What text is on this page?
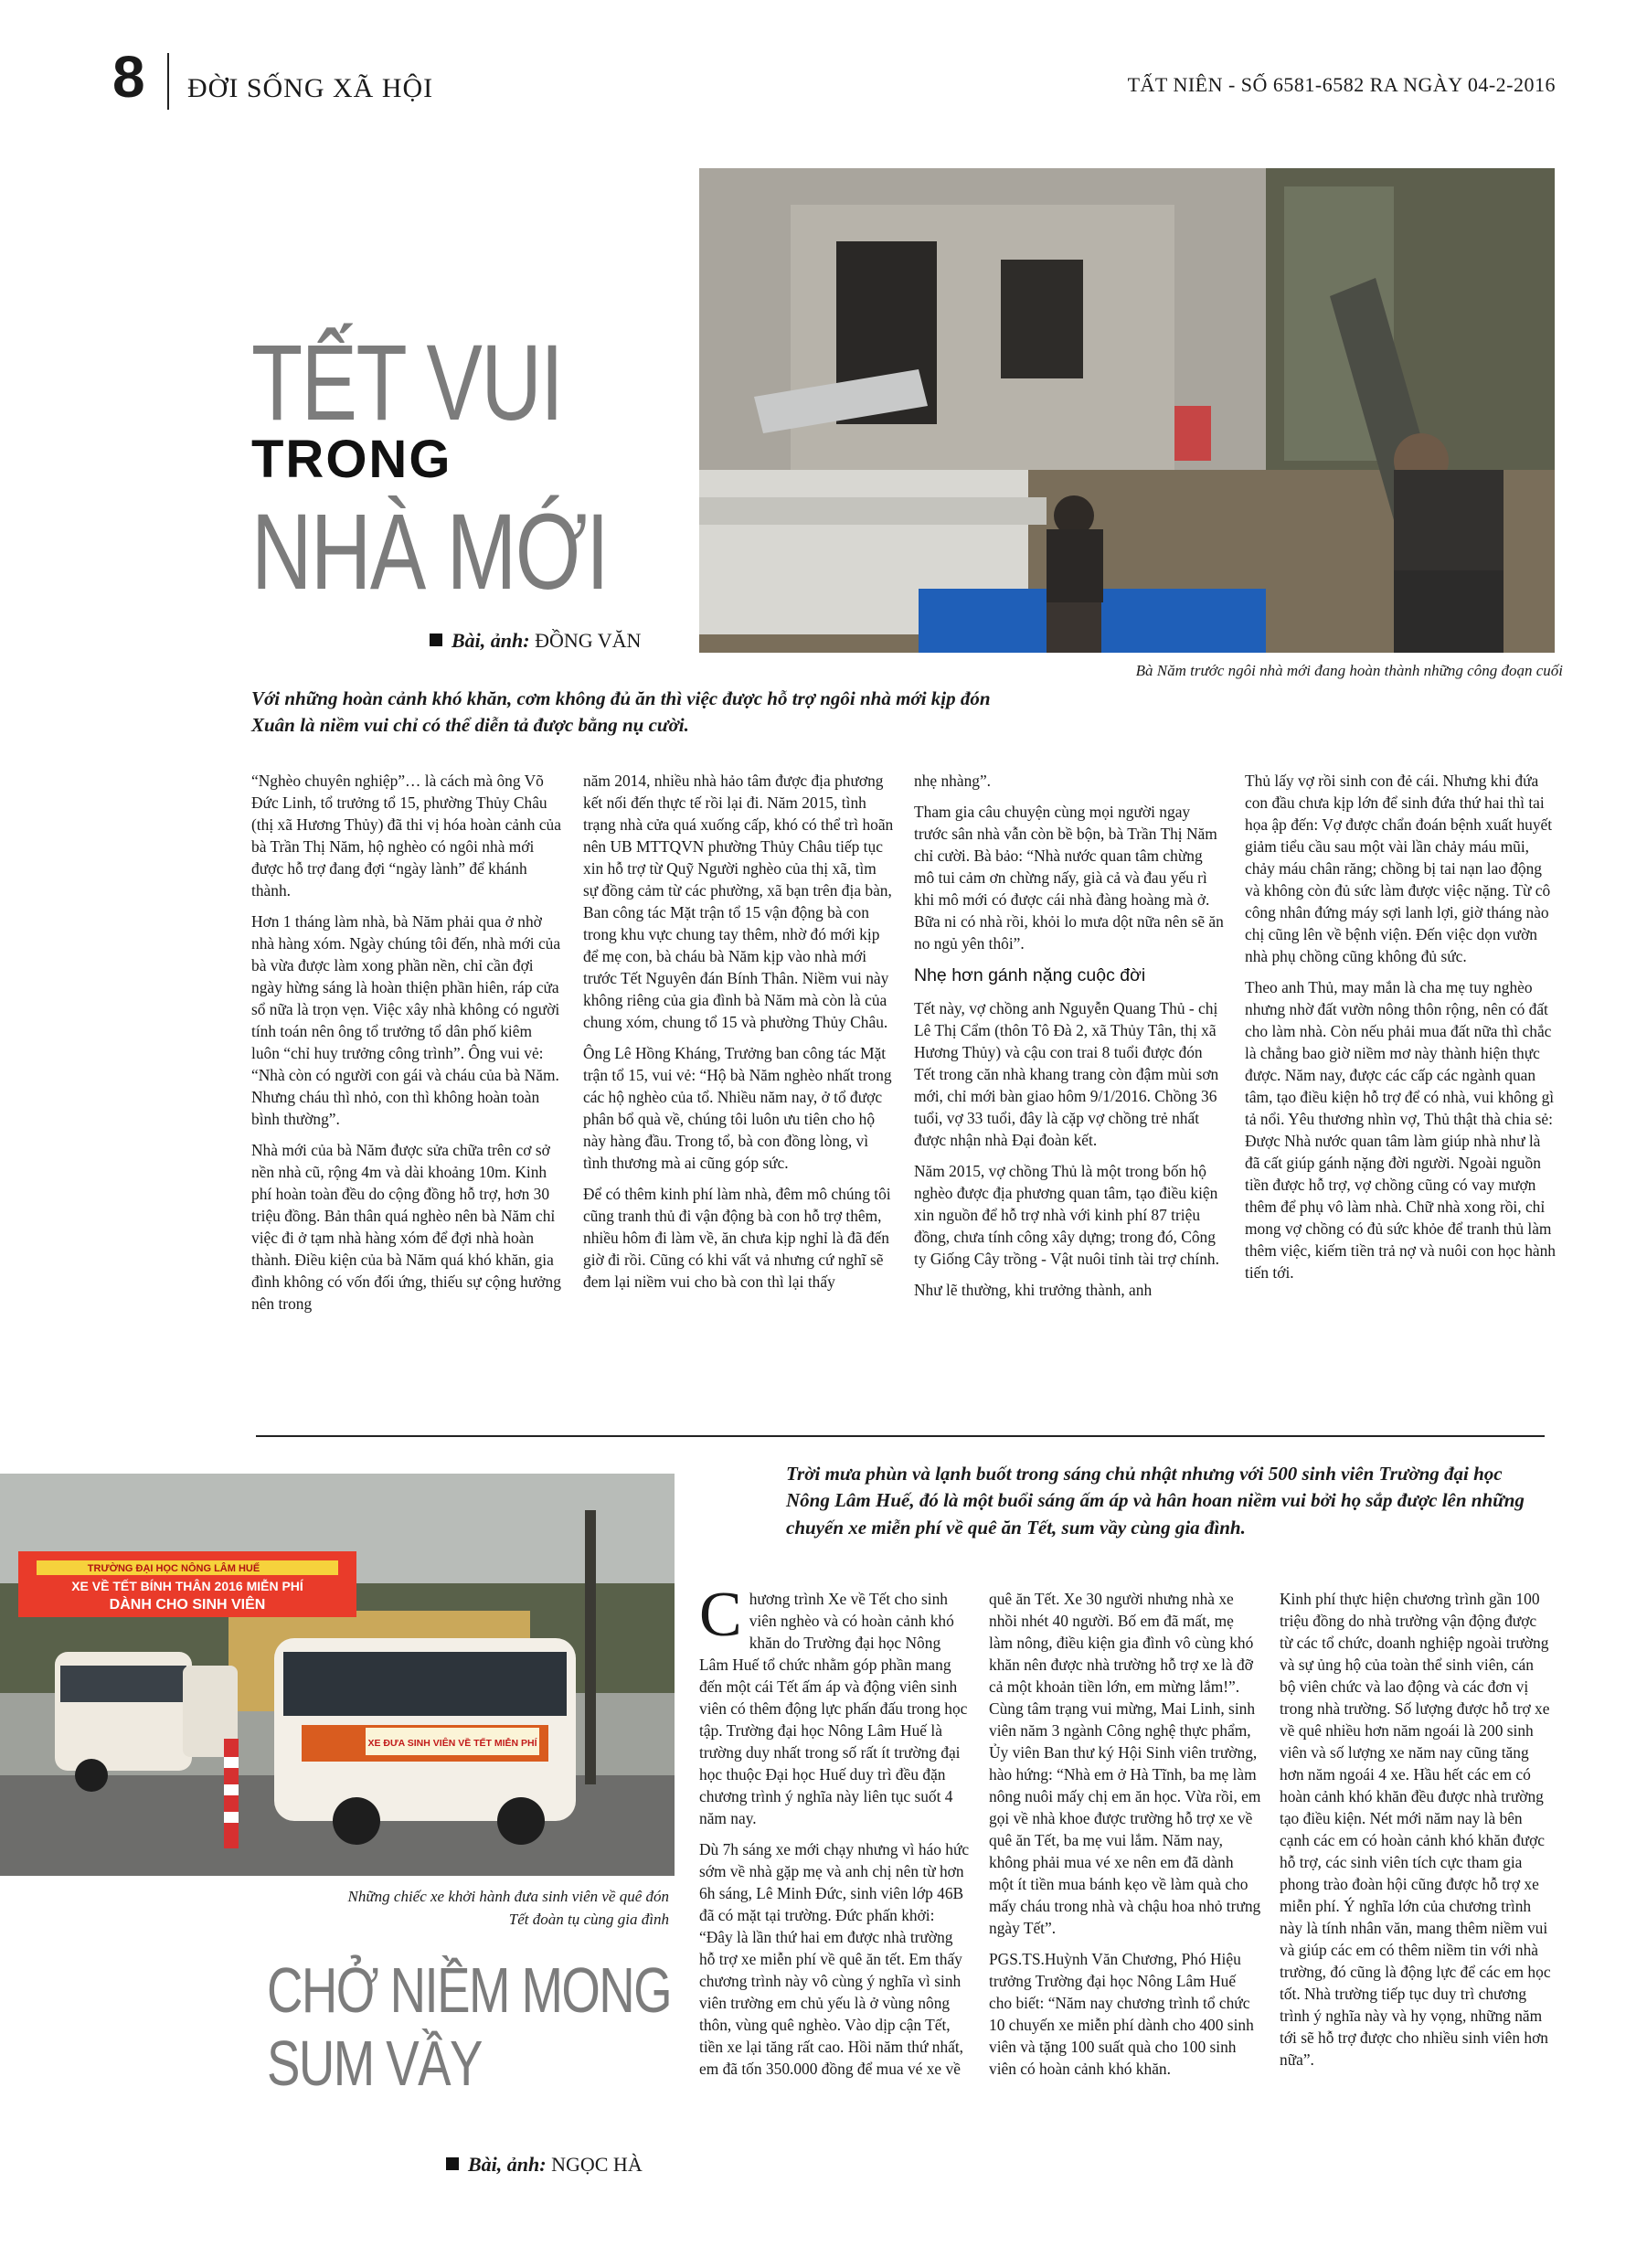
8 ĐỜI SỐNG XÃ HỘI	TẤT NIÊN - SỐ 6581-6582 RA NGÀY 04-2-2016
Bà Năm trước ngôi nhà mới đang hoàn thành những công đoạn cuối
TẾT VUI
TRONG
NHÀ MỚI
Bài, ảnh: ĐỒNG VĂN
Với những hoàn cảnh khó khăn, cơm không đủ ăn thì việc được hỗ trợ ngôi nhà mới kịp đón Xuân là niềm vui chỉ có thể diễn tả được bằng nụ cười.

“Nghèo chuyên nghiệp”… là cách mà ông Võ Đức Linh, tổ trưởng tổ 15, phường Thủy Châu (thị xã Hương Thủy) đã thi vị hóa hoàn cảnh của bà Trần Thị Năm, hộ nghèo có ngôi nhà mới được hỗ trợ đang đợi “ngày lành” để khánh thành.

Hơn 1 tháng làm nhà, bà Năm phải qua ở nhờ nhà hàng xóm. Ngày chúng tôi đến, nhà mới của bà vừa được làm xong phần nền, chỉ cần đợi ngày hừng sáng là hoàn thiện phần hiên, ráp cửa sổ nữa là trọn vẹn. Việc xây nhà không có người tính toán nên ông tổ trưởng tổ dân phố kiêm luôn “chỉ huy trưởng công trình”. Ông vui vẻ: “Nhà còn có người con gái và cháu của bà Năm. Nhưng cháu thì nhỏ, con thì không hoàn toàn bình thường”.

Nhà mới của bà Năm được sửa chữa trên cơ sở nền nhà cũ, rộng 4m và dài khoảng 10m. Kinh phí hoàn toàn đều do cộng đồng hỗ trợ, hơn 30 triệu đồng. Bản thân quá nghèo nên bà Năm chỉ việc đi ở tạm nhà hàng xóm để đợi nhà hoàn thành. Điều kiện của bà Năm quá khó khăn, gia đình không có vốn đối ứng, thiếu sự cộng hưởng nên trong

năm 2014, nhiều nhà hảo tâm được địa phương kết nối đến thực tế rồi lại đi. Năm 2015, tình trạng nhà cửa quá xuống cấp, khó có thể trì hoãn nên UB MTTQVN phường Thủy Châu tiếp tục xin hỗ trợ từ Quỹ Người nghèo của thị xã, tìm sự đồng cảm từ các phường, xã bạn trên địa bàn, Ban công tác Mặt trận tổ 15 vận động bà con trong khu vực chung tay thêm, nhờ đó mới kịp để mẹ con, bà cháu bà Năm kịp vào nhà mới trước Tết Nguyên đán Bính Thân. Niềm vui này không riêng của gia đình bà Năm mà còn là của chung xóm, chung tổ 15 và phường Thủy Châu.

Ông Lê Hồng Kháng, Trưởng ban công tác Mặt trận tổ 15, vui vẻ: “Hộ bà Năm nghèo nhất trong các hộ nghèo của tổ. Nhiều năm nay, ở tổ được phân bổ quà về, chúng tôi luôn ưu tiên cho hộ này hàng đầu. Trong tổ, bà con đồng lòng, vì tình thương mà ai cũng góp sức.

Để có thêm kinh phí làm nhà, đêm mô chúng tôi cũng tranh thủ đi vận động bà con hỗ trợ thêm, nhiều hôm đi làm về, ăn chưa kịp nghỉ là đã đến giờ đi rồi. Cũng có khi vất vả nhưng cứ nghĩ sẽ đem lại niềm vui cho bà con thì lại thấy

nhẹ nhàng”.

Tham gia câu chuyện cùng mọi người ngay trước sân nhà vẫn còn bề bộn, bà Trần Thị Năm chỉ cười. Bà bảo: “Nhà nước quan tâm chừng mô tui cảm ơn chừng nấy, già cả và đau yếu rì khi mô mới có được cái nhà đàng hoàng mà ở. Bữa ni có nhà rồi, khỏi lo mưa dột nữa nên sẽ ăn no ngủ yên thôi”.

Nhẹ hơn gánh nặng cuộc đời

Tết này, vợ chồng anh Nguyễn Quang Thủ - chị Lê Thị Cẩm (thôn Tô Đà 2, xã Thủy Tân, thị xã Hương Thủy) và cậu con trai 8 tuổi được đón Tết trong căn nhà khang trang còn đậm mùi sơn mới, chỉ mới bàn giao hôm 9/1/2016. Chồng 36 tuổi, vợ 33 tuổi, đây là cặp vợ chồng trẻ nhất được nhận nhà Đại đoàn kết.

Năm 2015, vợ chồng Thủ là một trong bốn hộ nghèo được địa phương quan tâm, tạo điều kiện xin nguồn để hỗ trợ nhà với kinh phí 87 triệu đồng, chưa tính công xây dựng; trong đó, Công ty Giống Cây trồng - Vật nuôi tỉnh tài trợ chính.

Như lẽ thường, khi trưởng thành, anh

Thủ lấy vợ rồi sinh con đẻ cái. Nhưng khi đứa con đầu chưa kịp lớn để sinh đứa thứ hai thì tai họa ập đến: Vợ được chẩn đoán bệnh xuất huyết giảm tiểu cầu sau một vài lần chảy máu mũi, chảy máu chân răng; chồng bị tai nạn lao động và không còn đủ sức làm được việc nặng. Từ cô công nhân đứng máy sợi lanh lợi, giờ tháng nào chị cũng lên về bệnh viện. Đến việc dọn vườn nhà phụ chồng cũng không đủ sức.

Theo anh Thủ, may mắn là cha mẹ tuy nghèo nhưng nhờ đất vườn nông thôn rộng, nên có đất cho làm nhà. Còn nếu phải mua đất nữa thì chắc là chẳng bao giờ niềm mơ này thành hiện thực được. Năm nay, được các cấp các ngành quan tâm, tạo điều kiện hỗ trợ để có nhà, vui không gì tả nổi. Yêu thương nhìn vợ, Thủ thật thà chia sẻ: Được Nhà nước quan tâm làm giúp nhà như là đã cất giúp gánh nặng đời người. Ngoài nguồn tiền được hỗ trợ, vợ chồng cũng có vay mượn thêm để phụ vô làm nhà. Chữ nhà xong rồi, chỉ mong vợ chồng có đủ sức khỏe để tranh thủ làm thêm việc, kiếm tiền trả nợ và nuôi con học hành tiến tới.

TRƯỜNG ĐẠI HỌC NÔNG LÂM HUẾ
XE VỀ TẾT BÍNH THÂN 2016 MIỄN PHÍ
DÀNH CHO SINH VIÊN
XE ĐƯA SINH VIÊN VỀ TẾT MIỄN PHÍ
Những chiếc xe khởi hành đưa sinh viên về quê đón Tết đoàn tụ cùng gia đình
CHỞ NIỀM MONG
SUM VẦY
Bài, ảnh: NGỌC HÀ
Trời mưa phùn và lạnh buốt trong sáng chủ nhật nhưng với 500 sinh viên Trường đại học Nông Lâm Huế, đó là một buổi sáng ấm áp và hân hoan niềm vui bởi họ sắp được lên những chuyến xe miễn phí về quê ăn Tết, sum vầy cùng gia đình.

Chương trình Xe về Tết cho sinh viên nghèo và có hoàn cảnh khó khăn do Trường đại học Nông Lâm Huế tổ chức nhằm góp phần mang đến một cái Tết ấm áp và động viên sinh viên có thêm động lực phấn đấu trong học tập. Trường đại học Nông Lâm Huế là trường duy nhất trong số rất ít trường đại học thuộc Đại học Huế duy trì đều đặn chương trình ý nghĩa này liên tục suốt 4 năm nay.

Dù 7h sáng xe mới chạy nhưng vì háo hức sớm về nhà gặp mẹ và anh chị nên từ hơn 6h sáng, Lê Minh Đức, sinh viên lớp 46B đã có mặt tại trường. Đức phấn khởi: “Đây là lần thứ hai em được nhà trường hỗ trợ xe miễn phí về quê ăn tết. Em thấy chương trình này vô cùng ý nghĩa vì sinh viên trường em chủ yếu là ở vùng nông thôn, vùng quê nghèo. Vào dịp cận Tết, tiền xe lại tăng rất cao. Hồi năm thứ nhất, em đã tốn 350.000 đồng để mua vé xe về

quê ăn Tết. Xe 30 người nhưng nhà xe nhồi nhét 40 người. Bố em đã mất, mẹ làm nông, điều kiện gia đình vô cùng khó khăn nên được nhà trường hỗ trợ xe là đỡ cả một khoản tiền lớn, em mừng lắm!”. Cùng tâm trạng vui mừng, Mai Linh, sinh viên năm 3 ngành Công nghệ thực phẩm, Ủy viên Ban thư ký Hội Sinh viên trường, hào hứng: “Nhà em ở Hà Tĩnh, ba mẹ làm nông nuôi mấy chị em ăn học. Vừa rồi, em gọi về nhà khoe được trường hỗ trợ xe về quê ăn Tết, ba mẹ vui lắm. Năm nay, không phải mua vé xe nên em đã dành một ít tiền mua bánh kẹo về làm quà cho mấy cháu trong nhà và chậu hoa nhỏ trưng ngày Tết”.

PGS.TS.Huỳnh Văn Chương, Phó Hiệu trưởng Trường đại học Nông Lâm Huế cho biết: “Năm nay chương trình tổ chức 10 chuyến xe miễn phí dành cho 400 sinh viên và tặng 100 suất quà cho 100 sinh viên có hoàn cảnh khó khăn.

Kinh phí thực hiện chương trình gần 100 triệu đồng do nhà trường vận động được từ các tổ chức, doanh nghiệp ngoài trường và sự ủng hộ của toàn thể sinh viên, cán bộ viên chức và lao động và các đơn vị trong nhà trường. Số lượng được hỗ trợ xe về quê nhiều hơn năm ngoái là 200 sinh viên và số lượng xe năm nay cũng tăng hơn năm ngoái 4 xe. Hầu hết các em có hoàn cảnh khó khăn đều được nhà trường tạo điều kiện. Nét mới năm nay là bên cạnh các em có hoàn cảnh khó khăn được hỗ trợ, các sinh viên tích cực tham gia phong trào đoàn hội cũng được hỗ trợ xe miễn phí. Ý nghĩa lớn của chương trình này là tính nhân văn, mang thêm niềm vui và giúp các em có thêm niềm tin với nhà trường, đó cũng là động lực để các em học tốt. Nhà trường tiếp tục duy trì chương trình ý nghĩa này và hy vọng, những năm tới sẽ hỗ trợ được cho nhiều sinh viên hơn nữa”.
